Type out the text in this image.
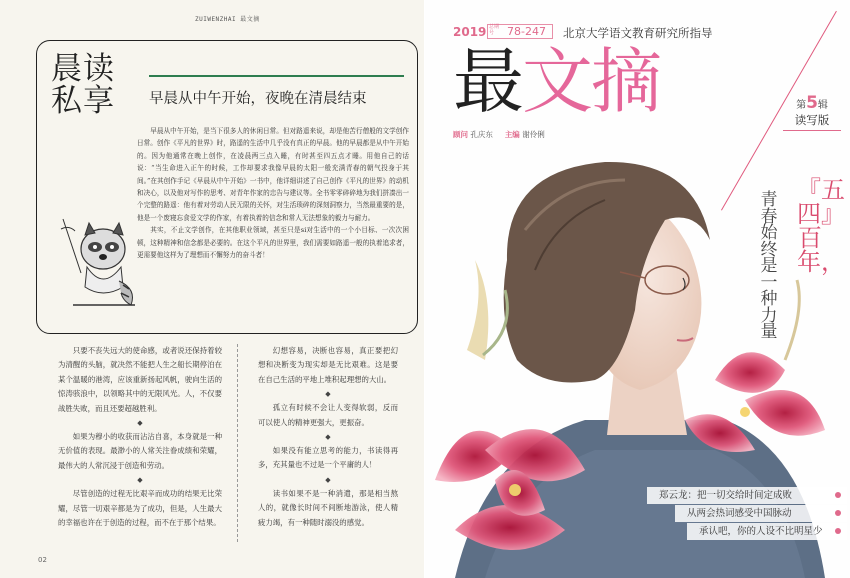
ZUIWENZHAI 最文摘
晨读私享	早晨从中午开始，夜晚在清晨结束

早晨从中午开始，是当下很多人的休闲日常。但对路遥来说，却是他苦行僧般的文学创作日常。创作《平凡的世界》时，路遥的生活中几乎没有真正的早晨。他的早晨都是从中午开始的。因为他通常在晚上创作，在凌晨两三点入睡，有时甚至四五点才睡。用他自己的话说：“当生命进入正午的时候，工作却要求我像早晨的太阳一般充满青春的朝气投身于其间。”在其创作手记《早晨从中午开始》一书中，他详细讲述了自己创作《平凡的世界》的动机和决心，以及他对写作的思考、对青年作家的忠告与建议等。全书零零碎碎地为我们拼凑出一个完整的路遥：他有着对劳动人民无限的关怀，对生活琐碎的深刻洞察力，当然最重要的是，他是一个废寝忘食爱文学的作家，有着执着的信念和常人无法想象的毅力与耐力。

其实，不止文学创作，在其他职业领域，甚至只是si对生活中的一个小目标、一次次困顿，这种精神和信念都是必要的。在这个平凡的世界里，我们需要如路遥一般的执着追求者，更需要他这样为了理想而不懈努力的奋斗者！

只要不丧失远大的使命感，或者说还保持着较为清醒的头脑，就决然不能把人生之船长期停泊在某个温暖的港湾，应该重新扬起风帆，驶向生活的惊涛骇浪中，以领略其中的无限风光。人，不仅要战胜失败，而且还要超越胜利。

◆

如果为穆小的收获而沾沾自喜，本身就是一种无价值的表现。最渺小的人常关注眷成绩和荣耀，最伟大的人常沉浸于创造和劳动。

◆

尽管创造的过程无比艰辛而成功的结果无比荣耀，尽管一切艰辛都是为了成功，但是，人生最大的幸福也许在于创造的过程，而不在于那个结果。

幻想容易，决断也容易，真正要把幻想和决断变为现实却是无比艰难。这是要在自己生活的平地上堆积起理想的大山。

◆

孤立有时候不会让人变得软弱，反而可以使人的精神更强大，更振奋。

◆

如果没有能立思考的能力，书读得再多，充其量也不过是一个平庸的人！

◆

读书如果不是一种消遣，那是相当熬人的，就像长时间不间断地游泳，使人精疲力竭，有一种随时溺没的感觉。

02
2019 总期号	78-247 北京大学语文教育研究所指导
最文摘
顾问 孔庆东 主编 谢伶俐
第5辑
读写版
『五四』百年，
青春始终是一种力量
郑云龙：把一切交给时间定成败
从两会热词感受中国脉动
承认吧，你的人设不比明星少
